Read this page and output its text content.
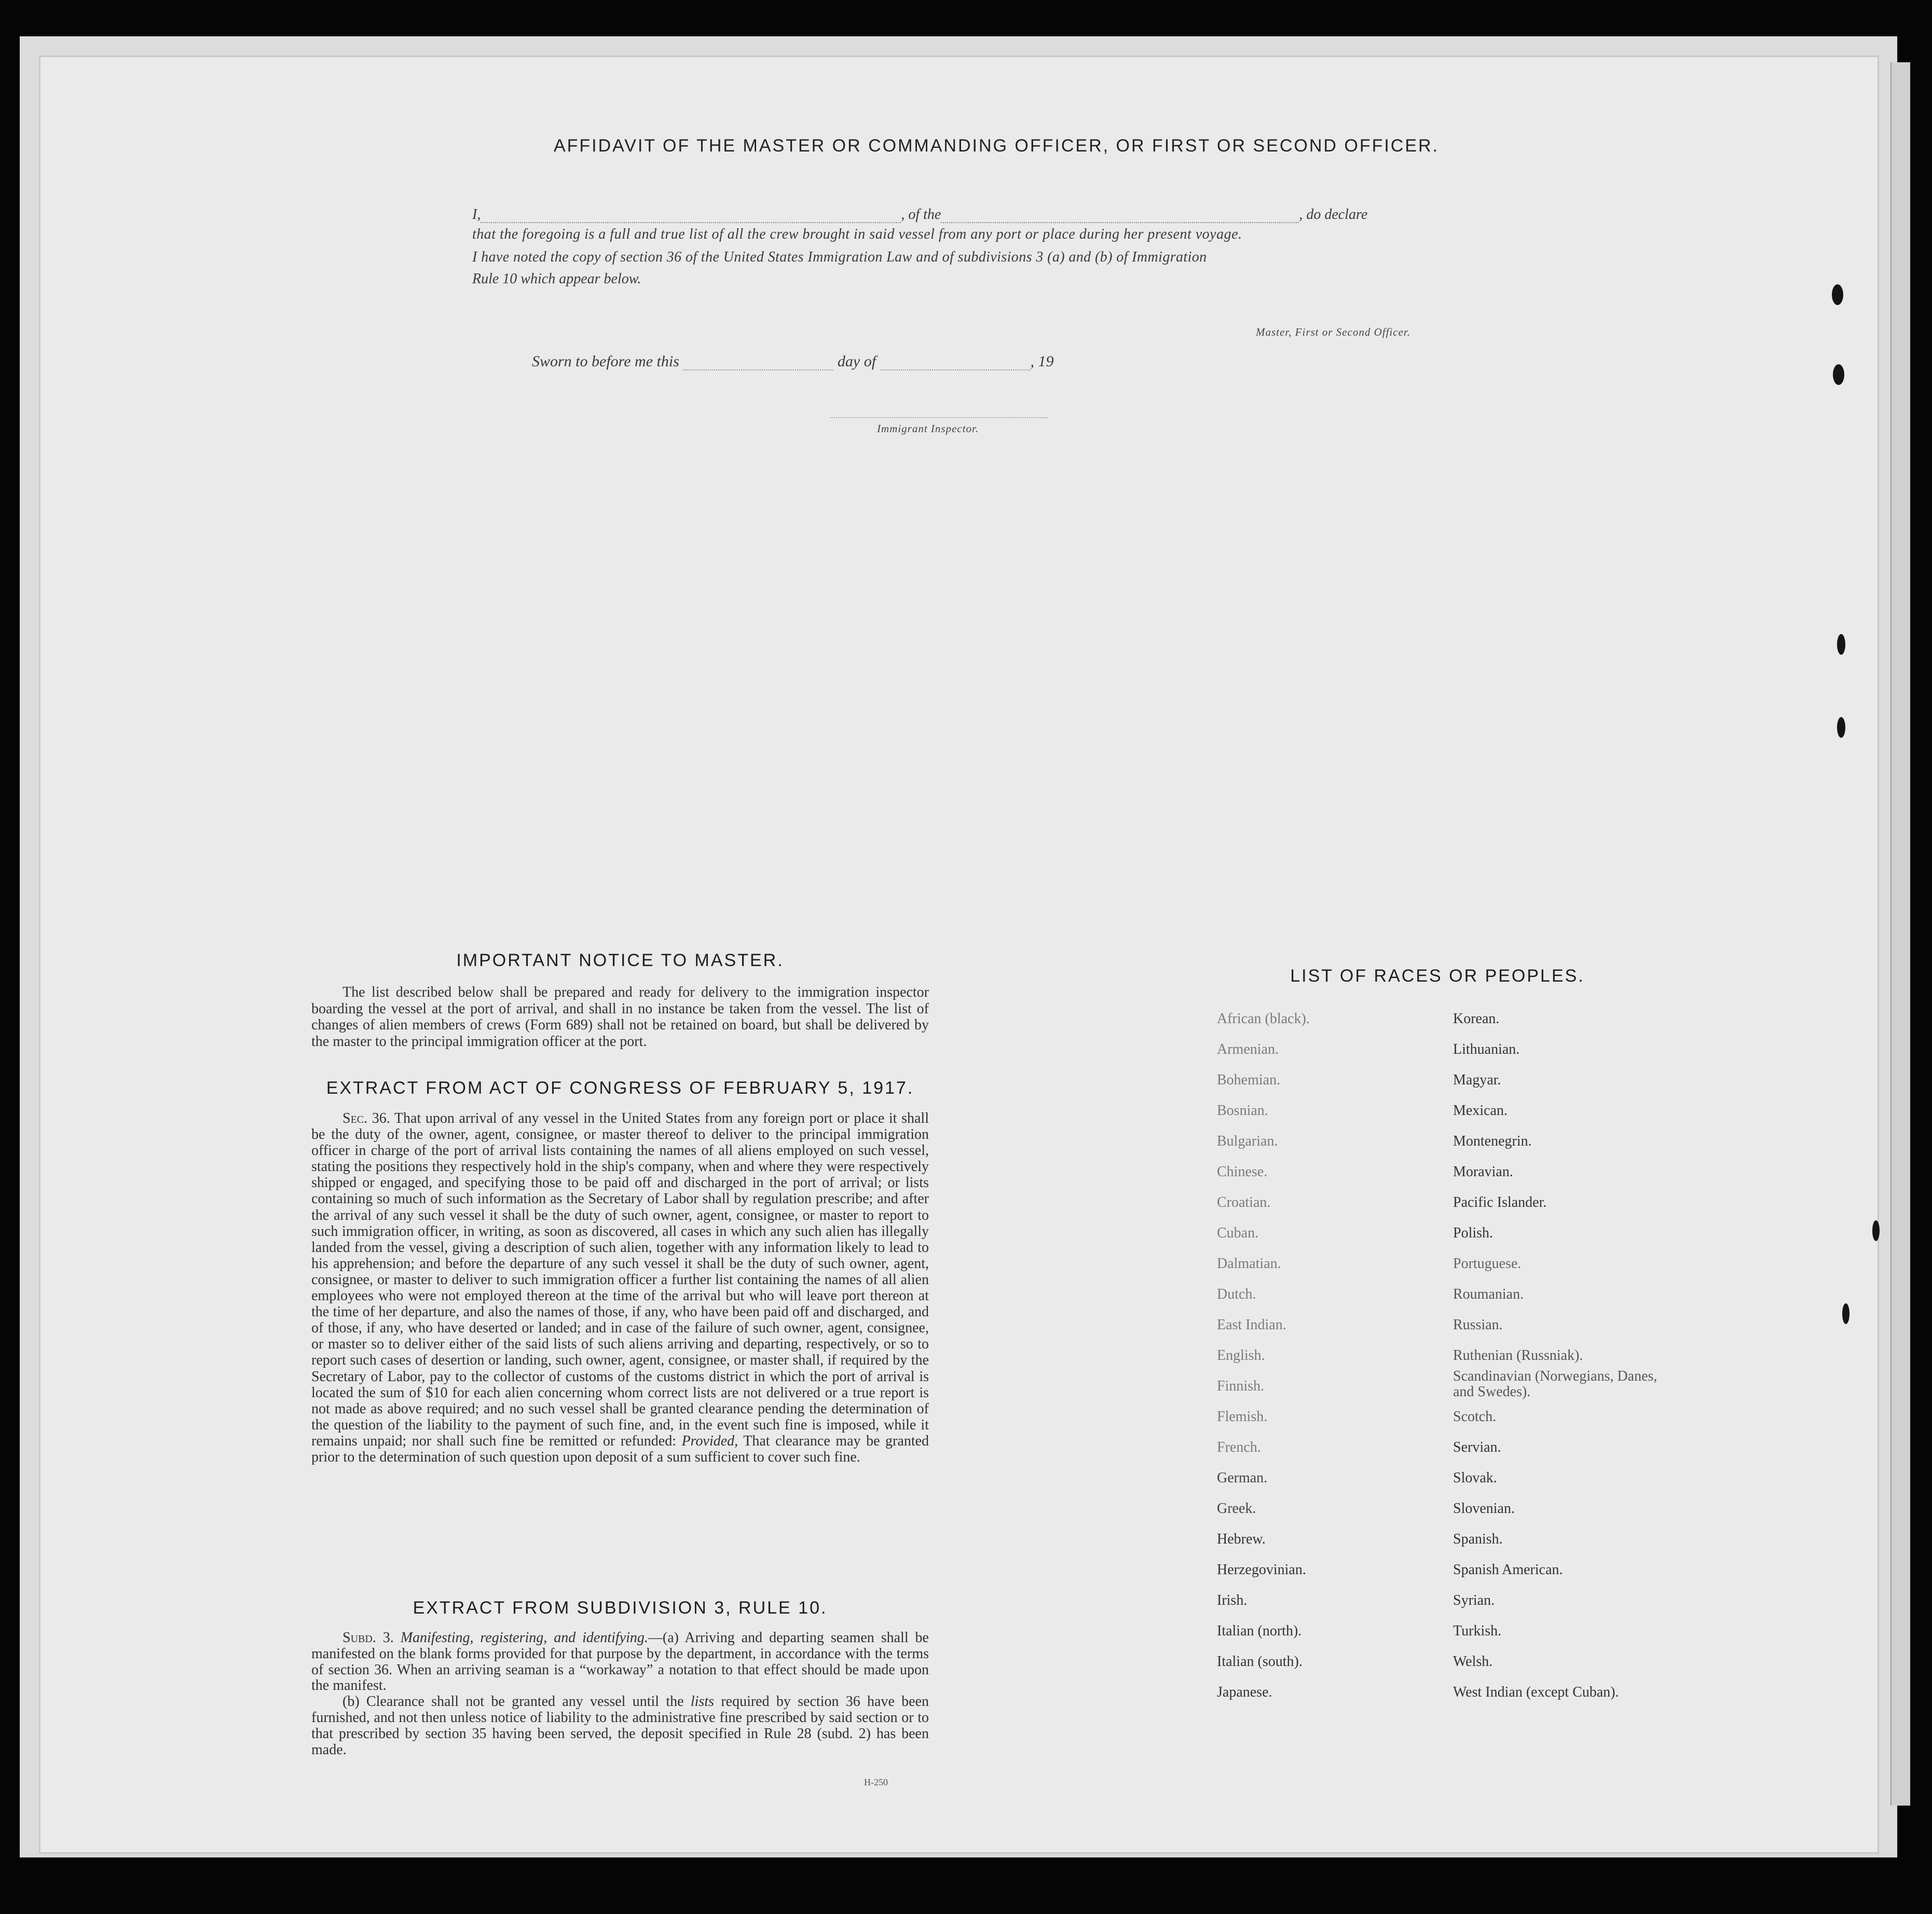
AFFIDAVIT OF THE MASTER OR COMMANDING OFFICER, OR FIRST OR SECOND OFFICER.
I,	, of the	, do declare
that the foregoing is a full and true list of all the crew brought in said vessel from any port or place during her present voyage.
I have noted the copy of section 36 of the United States Immigration Law and of subdivisions 3 (a) and (b) of Immigration
Rule 10 which appear below.
Master, First or Second Officer.
Sworn to before me this	day of	, 19
Immigrant Inspector.
IMPORTANT NOTICE TO MASTER.

The list described below shall be prepared and ready for delivery to the immigration inspector boarding the vessel at the port of arrival, and shall in no instance be taken from the vessel. The list of changes of alien members of crews (Form 689) shall not be retained on board, but shall be delivered by the master to the principal immigration officer at the port.

EXTRACT FROM ACT OF CONGRESS OF FEBRUARY 5, 1917.

Sec. 36. That upon arrival of any vessel in the United States from any foreign port or place it shall be the duty of the owner, agent, consignee, or master thereof to deliver to the principal immigration officer in charge of the port of arrival lists containing the names of all aliens employed on such vessel, stating the positions they respectively hold in the ship's company, when and where they were respectively shipped or engaged, and specifying those to be paid off and discharged in the port of arrival; or lists containing so much of such information as the Secretary of Labor shall by regulation prescribe; and after the arrival of any such vessel it shall be the duty of such owner, agent, consignee, or master to report to such immigration officer, in writing, as soon as discovered, all cases in which any such alien has illegally landed from the vessel, giving a description of such alien, together with any information likely to lead to his apprehension; and before the departure of any such vessel it shall be the duty of such owner, agent, consignee, or master to deliver to such immigration officer a further list containing the names of all alien employees who were not employed thereon at the time of the arrival but who will leave port thereon at the time of her departure, and also the names of those, if any, who have been paid off and discharged, and of those, if any, who have deserted or landed; and in case of the failure of such owner, agent, consignee, or master so to deliver either of the said lists of such aliens arriving and departing, respectively, or so to report such cases of desertion or landing, such owner, agent, consignee, or master shall, if required by the Secretary of Labor, pay to the collector of customs of the customs district in which the port of arrival is located the sum of $10 for each alien concerning whom correct lists are not delivered or a true report is not made as above required; and no such vessel shall be granted clearance pending the determination of the question of the liability to the payment of such fine, and, in the event such fine is imposed, while it remains unpaid; nor shall such fine be remitted or refunded: Provided, That clearance may be granted prior to the determination of such question upon deposit of a sum sufficient to cover such fine.

EXTRACT FROM SUBDIVISION 3, RULE 10.

Subd. 3. Manifesting, registering, and identifying.—(a) Arriving and departing seamen shall be manifested on the blank forms provided for that purpose by the department, in accordance with the terms of section 36. When an arriving seaman is a “workaway” a notation to that effect should be made upon the manifest.

(b) Clearance shall not be granted any vessel until the lists required by section 36 have been furnished, and not then unless notice of liability to the administrative fine prescribed by said section or to that prescribed by section 35 having been served, the deposit specified in Rule 28 (subd. 2) has been made.

H-250
LIST OF RACES OR PEOPLES.
African (black).
Armenian.
Bohemian.
Bosnian.
Bulgarian.
Chinese.
Croatian.
Cuban.
Dalmatian.
Dutch.
East Indian.
English.
Finnish.
Flemish.
French.
German.
Greek.
Hebrew.
Herzegovinian.
Irish.
Italian (north).
Italian (south).
Japanese.
Korean.
Lithuanian.
Magyar.
Mexican.
Montenegrin.
Moravian.
Pacific Islander.
Polish.
Portuguese.
Roumanian.
Russian.
Ruthenian (Russniak).
Scandinavian (Norwegians, Danes, and Swedes).
Scotch.
Servian.
Slovak.
Slovenian.
Spanish.
Spanish American.
Syrian.
Turkish.
Welsh.
West Indian (except Cuban).
